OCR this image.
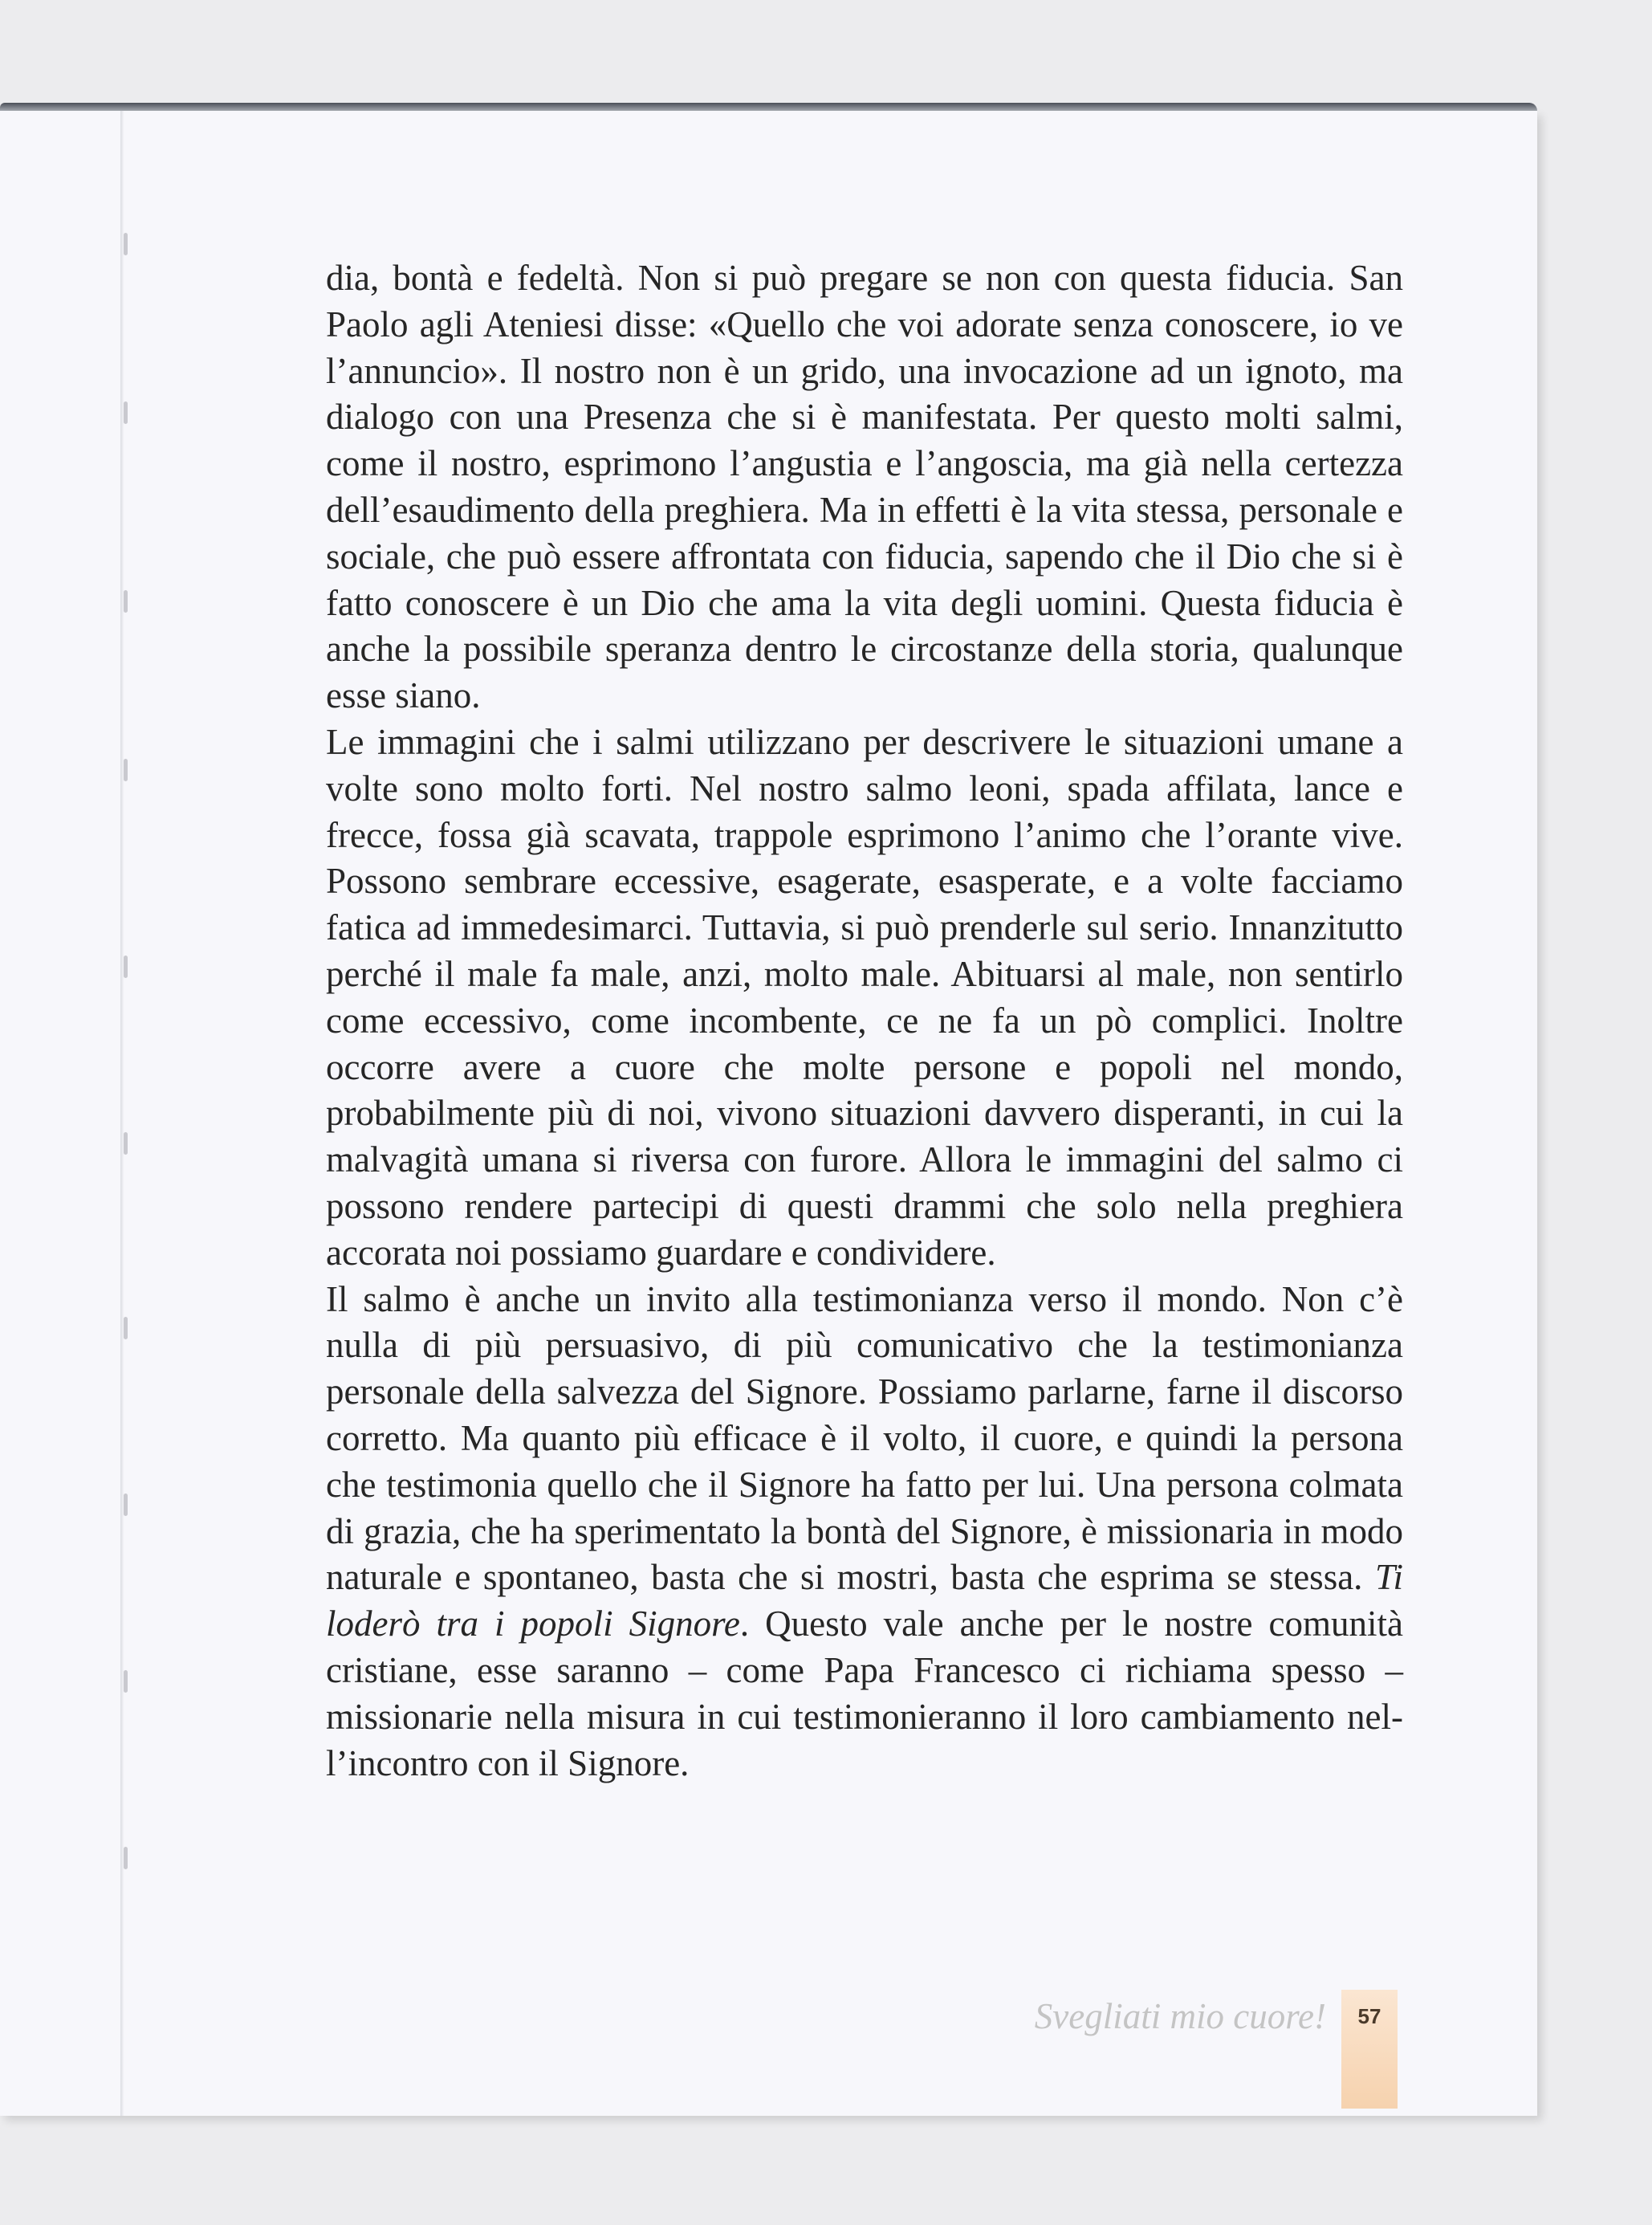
dia, bontà e fedeltà. Non si può pregare se non con questa fiducia. San Paolo agli Ateniesi disse: «Quello che voi adorate senza conoscere, io ve l’annuncio». Il nostro non è un grido, una invocazione ad un ignoto, ma dialogo con una Presenza che si è manifestata. Per questo molti salmi, come il nostro, esprimono l’angustia e l’angoscia, ma già nella certezza dell’esaudimento della preghiera. Ma in effetti è la vita stessa, personale e sociale, che può essere affrontata con fiducia, sapendo che il Dio che si è fatto conoscere è un Dio che ama la vita degli uomini. Questa fiducia è anche la possibile speranza dentro le circostanze della storia, qualunque esse siano.

Le immagini che i salmi utilizzano per descrivere le situazioni umane a volte sono molto forti. Nel nostro salmo leoni, spada affilata, lance e frecce, fossa già scavata, trappole esprimono l’animo che l’orante vive. Possono sembrare eccessive, esagerate, esasperate, e a volte facciamo fatica ad immedesimarci. Tuttavia, si può prenderle sul serio. Innanzitutto perché il male fa male, anzi, molto male. Abituarsi al male, non sentirlo come eccessivo, come incombente, ce ne fa un pò complici. Inoltre occorre avere a cuore che molte persone e popoli nel mondo, probabilmente più di noi, vivono situazioni davvero disperanti, in cui la malvagità umana si riversa con furore. Allora le immagini del salmo ci possono rendere partecipi di questi drammi che solo nella preghiera accorata noi possiamo guardare e condividere.

Il salmo è anche un invito alla testimonianza verso il mondo. Non c’è nulla di più persuasivo, di più comunicativo che la testimonianza personale della salvezza del Signore. Possiamo parlarne, farne il discorso corretto. Ma quanto più efficace è il volto, il cuore, e quindi la persona che testimonia quello che il Signore ha fatto per lui. Una persona colmata di grazia, che ha sperimentato la bontà del Signore, è missionaria in modo naturale e spontaneo, basta che si mostri, basta che esprima se stessa. Ti loderò tra i popoli Signore. Questo vale anche per le nostre comunità cristiane, esse saranno – come Papa Francesco ci richiama spesso – missionarie nella misura in cui testimonieranno il loro cambiamento nell’incontro con il Signore.

Svegliati mio cuore!	57
